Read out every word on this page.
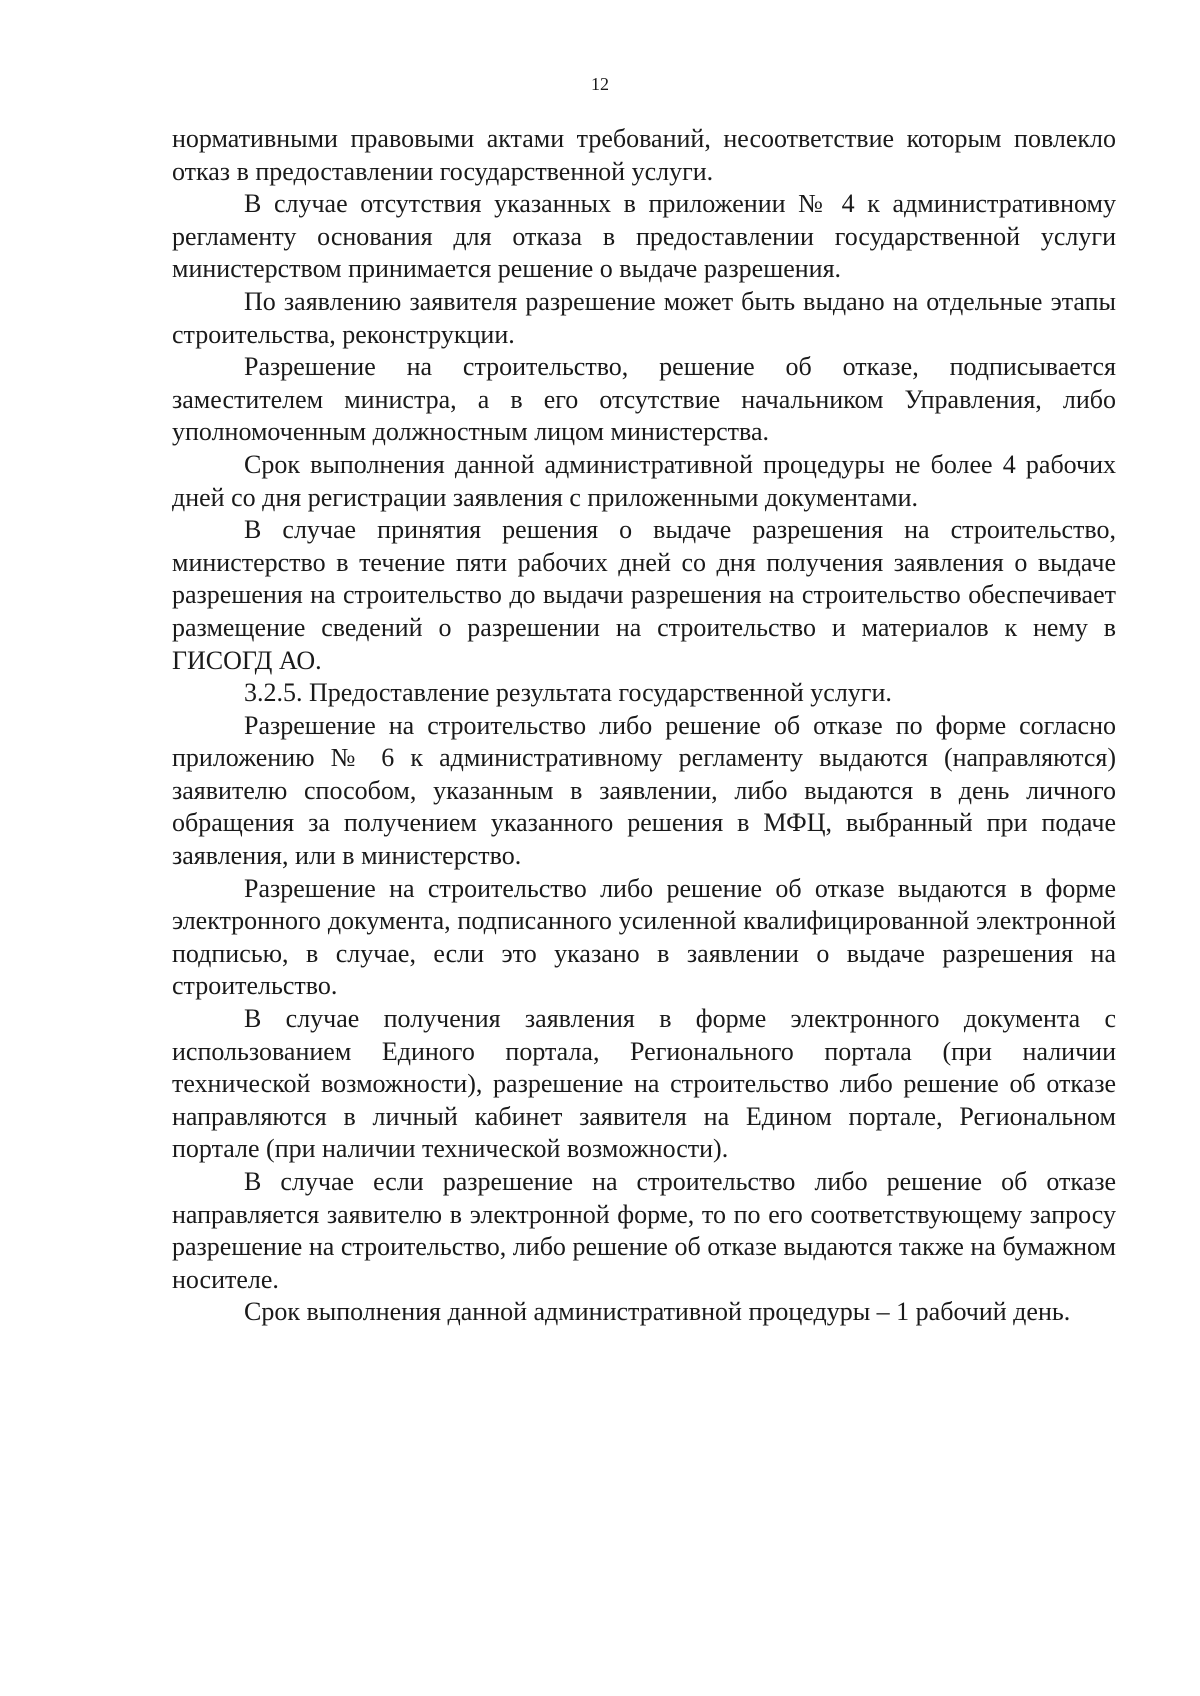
12

нормативными правовыми актами требований, несоответствие которым повлекло отказ в предоставлении государственной услуги.

В случае отсутствия указанных в приложении № 4 к административному регламенту основания для отказа в предоставлении государственной услуги министерством принимается решение о выдаче разрешения.

По заявлению заявителя разрешение может быть выдано на отдельные этапы строительства, реконструкции.

Разрешение на строительство, решение об отказе, подписывается заместителем министра, а в его отсутствие начальником Управления, либо уполномоченным должностным лицом министерства.

Срок выполнения данной административной процедуры не более 4 рабочих дней со дня регистрации заявления с приложенными документами.

В случае принятия решения о выдаче разрешения на строительство, министерство в течение пяти рабочих дней со дня получения заявления о выдаче разрешения на строительство до выдачи разрешения на строительство обеспечивает размещение сведений о разрешении на строительство и материалов к нему в ГИСОГД АО.

3.2.5. Предоставление результата государственной услуги.

Разрешение на строительство либо решение об отказе по форме согласно приложению № 6 к административному регламенту выдаются (направляются) заявителю способом, указанным в заявлении, либо выдаются в день личного обращения за получением указанного решения в МФЦ, выбранный при подаче заявления, или в министерство.

Разрешение на строительство либо решение об отказе выдаются в форме электронного документа, подписанного усиленной квалифицированной электронной подписью, в случае, если это указано в заявлении о выдаче разрешения на строительство.

В случае получения заявления в форме электронного документа с использованием Единого портала, Регионального портала (при наличии технической возможности), разрешение на строительство либо решение об отказе направляются в личный кабинет заявителя на Едином портале, Региональном портале (при наличии технической возможности).

В случае если разрешение на строительство либо решение об отказе направляется заявителю в электронной форме, то по его соответствующему запросу разрешение на строительство, либо решение об отказе выдаются также на бумажном носителе.

Срок выполнения данной административной процедуры – 1 рабочий день.
